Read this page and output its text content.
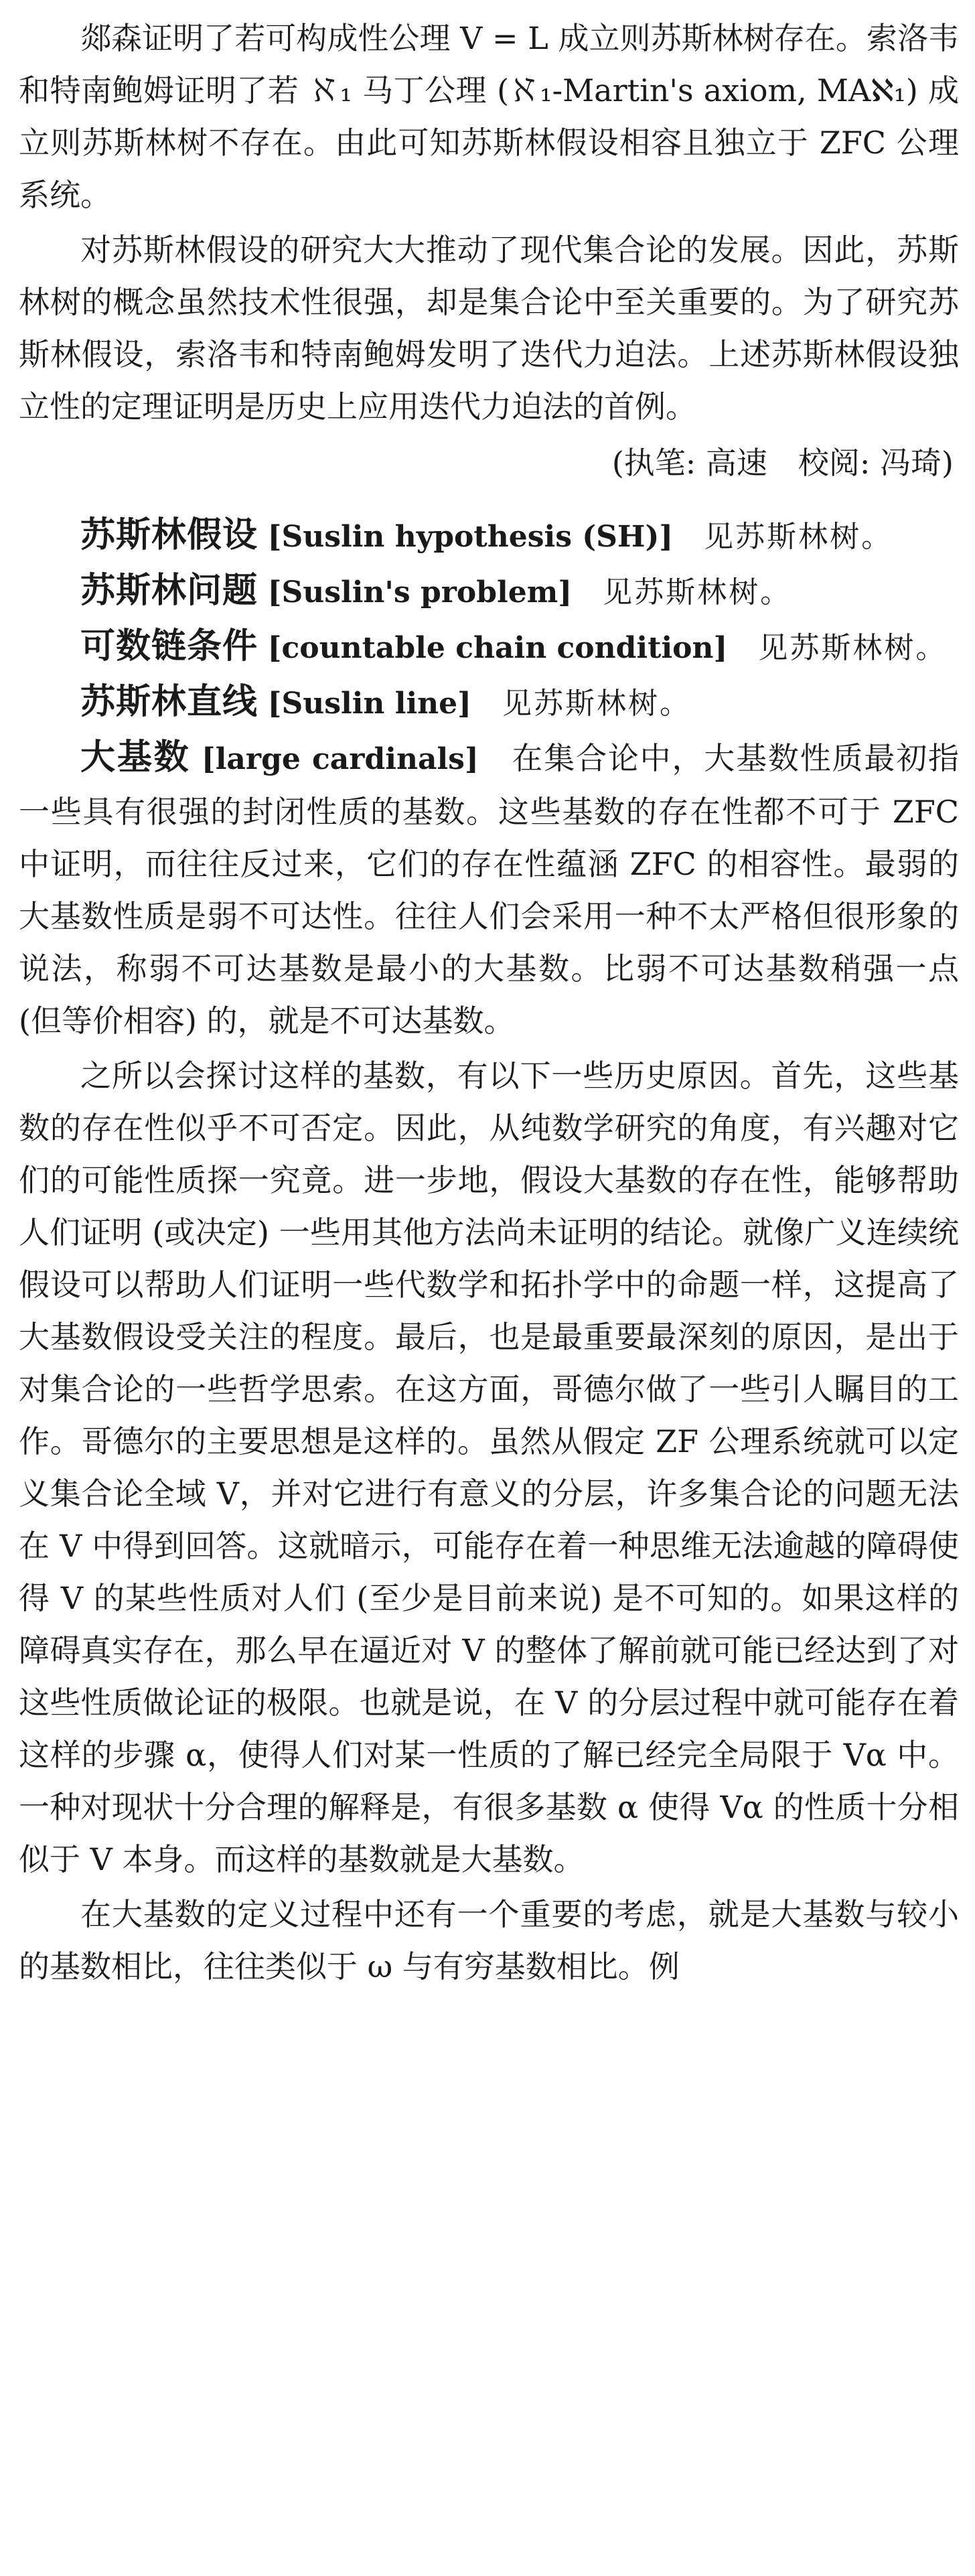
郯森证明了若可构成性公理 V = L 成立则苏斯林树存在。索洛韦和特南鲍姆证明了若 ℵ₁ 马丁公理 (ℵ₁-Martin's axiom, MAℵ₁) 成立则苏斯林树不存在。由此可知苏斯林假设相容且独立于 ZFC 公理系统。

对苏斯林假设的研究大大推动了现代集合论的发展。因此，苏斯林树的概念虽然技术性很强，却是集合论中至关重要的。为了研究苏斯林假设，索洛韦和特南鲍姆发明了迭代力迫法。上述苏斯林假设独立性的定理证明是历史上应用迭代力迫法的首例。

(执笔: 高速　校阅: 冯琦)

苏斯林假设 [Suslin hypothesis (SH)]　 见苏斯林树。

苏斯林问题 [Suslin's problem]　 见苏斯林树。

可数链条件 [countable chain condition]　 见苏斯林树。

苏斯林直线 [Suslin line]　 见苏斯林树。

大基数 [large cardinals]　 在集合论中，大基数性质最初指一些具有很强的封闭性质的基数。这些基数的存在性都不可于 ZFC 中证明，而往往反过来，它们的存在性蕴涵 ZFC 的相容性。最弱的大基数性质是弱不可达性。往往人们会采用一种不太严格但很形象的说法，称弱不可达基数是最小的大基数。比弱不可达基数稍强一点 (但等价相容) 的，就是不可达基数。

之所以会探讨这样的基数，有以下一些历史原因。首先，这些基数的存在性似乎不可否定。因此，从纯数学研究的角度，有兴趣对它们的可能性质探一究竟。进一步地，假设大基数的存在性，能够帮助人们证明 (或决定) 一些用其他方法尚未证明的结论。就像广义连续统假设可以帮助人们证明一些代数学和拓扑学中的命题一样，这提高了大基数假设受关注的程度。最后，也是最重要最深刻的原因，是出于对集合论的一些哲学思索。在这方面，哥德尔做了一些引人瞩目的工作。哥德尔的主要思想是这样的。虽然从假定 ZF 公理系统就可以定义集合论全域 V，并对它进行有意义的分层，许多集合论的问题无法在 V 中得到回答。这就暗示，可能存在着一种思维无法逾越的障碍使得 V 的某些性质对人们 (至少是目前来说) 是不可知的。如果这样的障碍真实存在，那么早在逼近对 V 的整体了解前就可能已经达到了对这些性质做论证的极限。也就是说，在 V 的分层过程中就可能存在着这样的步骤 α，使得人们对某一性质的了解已经完全局限于 Vα 中。一种对现状十分合理的解释是，有很多基数 α 使得 Vα 的性质十分相似于 V 本身。而这样的基数就是大基数。

在大基数的定义过程中还有一个重要的考虑，就是大基数与较小的基数相比，往往类似于 ω 与有穷基数相比。例
